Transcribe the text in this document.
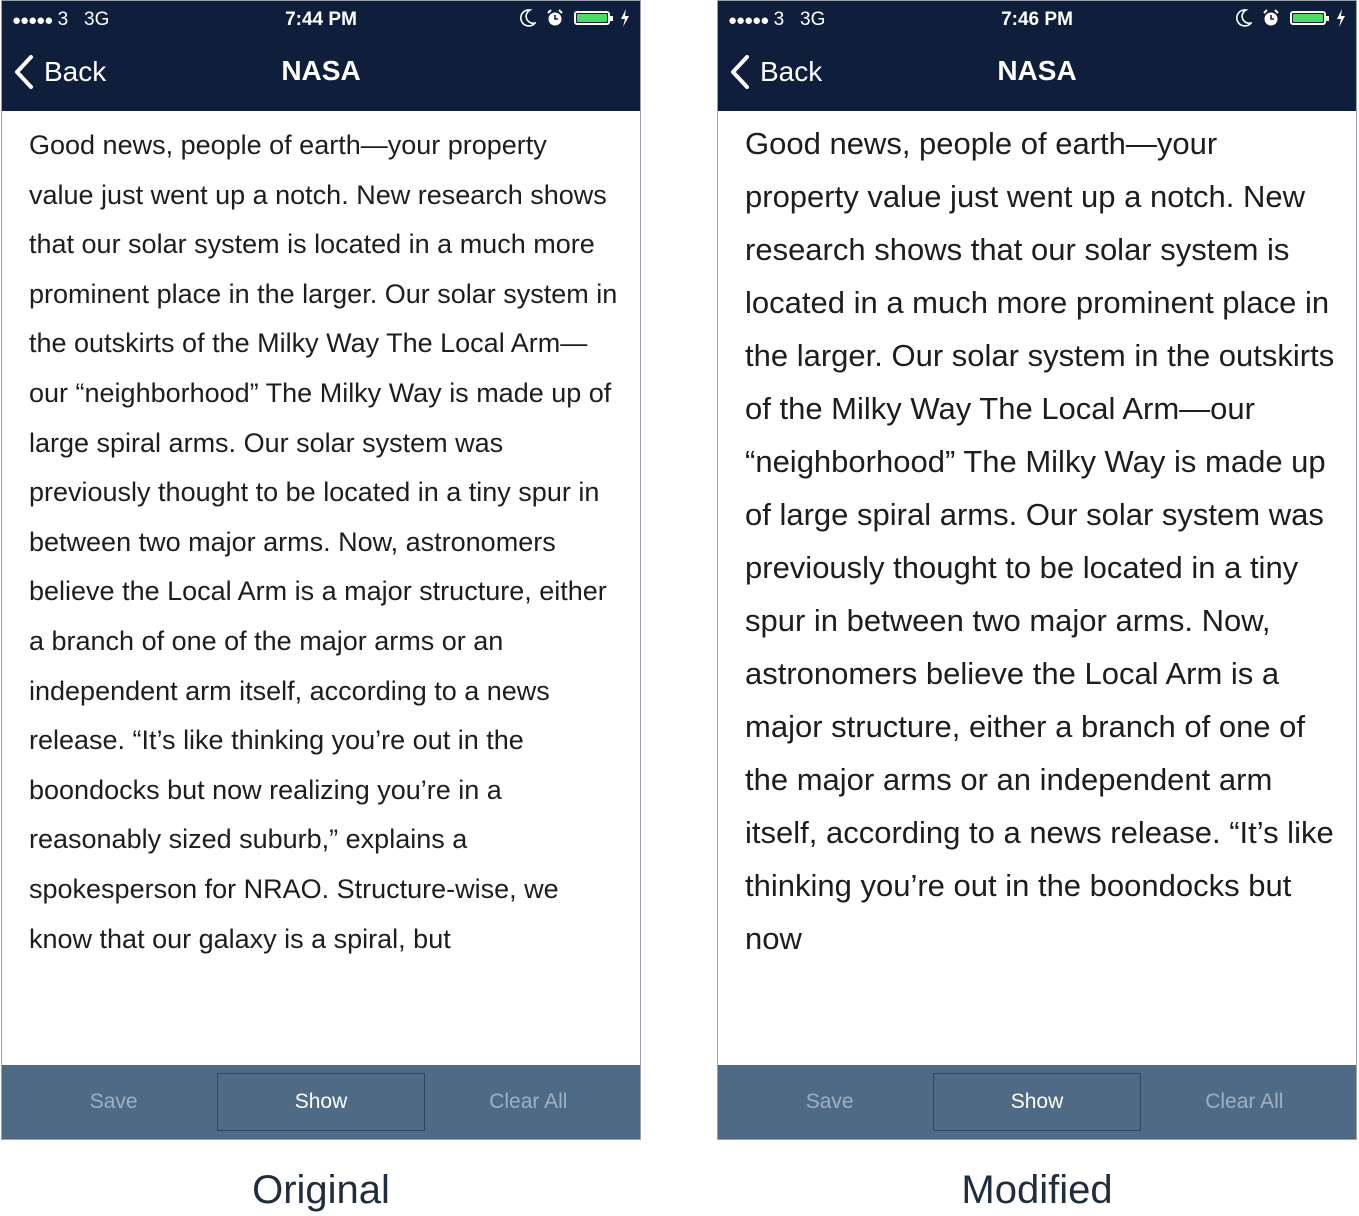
●●●●● 3 3G	7:44 PM
Back	NASA

Good news, people of earth—your property value just went up a notch. New research shows that our solar system is located in a much more prominent place in the larger. Our solar system in the outskirts of the Milky Way The Local Arm—our “neighborhood” The Milky Way is made up of large spiral arms. Our solar system was previously thought to be located in a tiny spur in between two major arms. Now, astronomers believe the Local Arm is a major structure, either a branch of one of the major arms or an independent arm itself, according to a news release. “It’s like thinking you’re out in the boondocks but now realizing you’re in a reasonably sized suburb,” explains a spokesperson for NRAO. Structure-wise, we know that our galaxy is a spiral, but

Save	Show	Clear All
●●●●● 3 3G	7:46 PM
Back	NASA

Good news, people of earth—your property value just went up a notch. New research shows that our solar system is located in a much more prominent place in the larger. Our solar system in the outskirts of the Milky Way The Local Arm—our “neighborhood” The Milky Way is made up of large spiral arms. Our solar system was previously thought to be located in a tiny spur in between two major arms. Now, astronomers believe the Local Arm is a major structure, either a branch of one of the major arms or an independent arm itself, according to a news release. “It’s like thinking you’re out in the boondocks but now

Save	Show	Clear All
Original	Modified
